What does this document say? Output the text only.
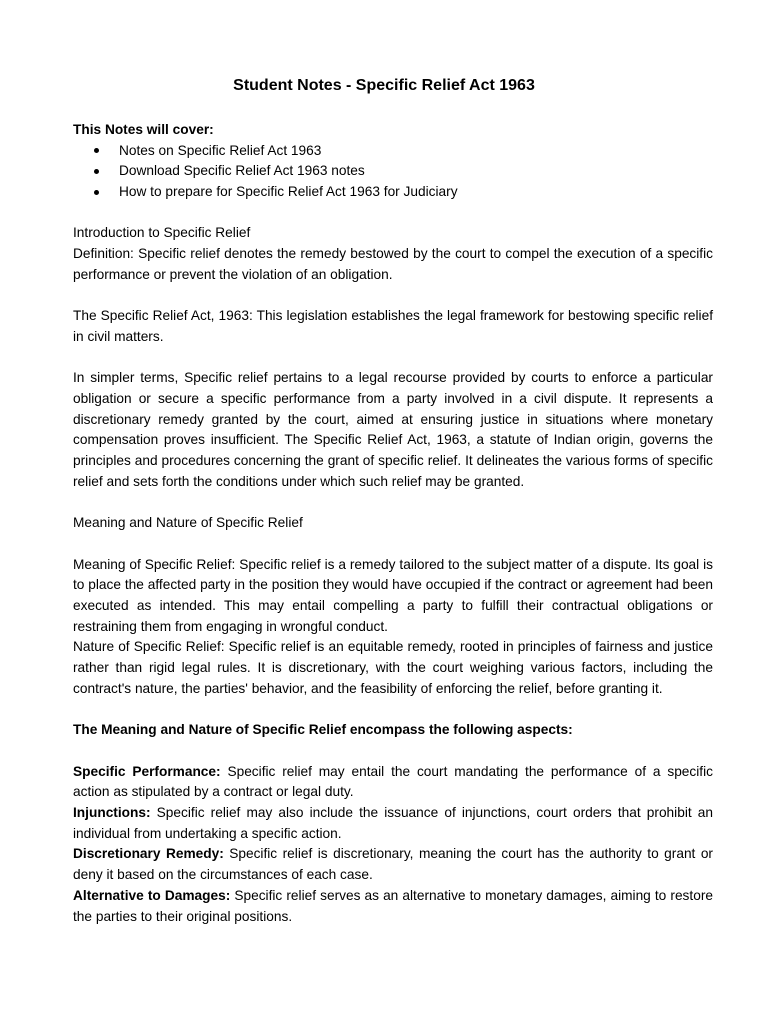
Student Notes - Specific Relief Act 1963

This Notes will cover:

Notes on Specific Relief Act 1963
Download Specific Relief Act 1963 notes
How to prepare for Specific Relief Act 1963 for Judiciary

Introduction to Specific Relief

Definition: Specific relief denotes the remedy bestowed by the court to compel the execution of a specific performance or prevent the violation of an obligation.

The Specific Relief Act, 1963: This legislation establishes the legal framework for bestowing specific relief in civil matters.

In simpler terms, Specific relief pertains to a legal recourse provided by courts to enforce a particular obligation or secure a specific performance from a party involved in a civil dispute. It represents a discretionary remedy granted by the court, aimed at ensuring justice in situations where monetary compensation proves insufficient. The Specific Relief Act, 1963, a statute of Indian origin, governs the principles and procedures concerning the grant of specific relief. It delineates the various forms of specific relief and sets forth the conditions under which such relief may be granted.

Meaning and Nature of Specific Relief

Meaning of Specific Relief: Specific relief is a remedy tailored to the subject matter of a dispute. Its goal is to place the affected party in the position they would have occupied if the contract or agreement had been executed as intended. This may entail compelling a party to fulfill their contractual obligations or restraining them from engaging in wrongful conduct.

Nature of Specific Relief: Specific relief is an equitable remedy, rooted in principles of fairness and justice rather than rigid legal rules. It is discretionary, with the court weighing various factors, including the contract's nature, the parties' behavior, and the feasibility of enforcing the relief, before granting it.

The Meaning and Nature of Specific Relief encompass the following aspects:

Specific Performance: Specific relief may entail the court mandating the performance of a specific action as stipulated by a contract or legal duty.

Injunctions: Specific relief may also include the issuance of injunctions, court orders that prohibit an individual from undertaking a specific action.

Discretionary Remedy: Specific relief is discretionary, meaning the court has the authority to grant or deny it based on the circumstances of each case.

Alternative to Damages: Specific relief serves as an alternative to monetary damages, aiming to restore the parties to their original positions.
